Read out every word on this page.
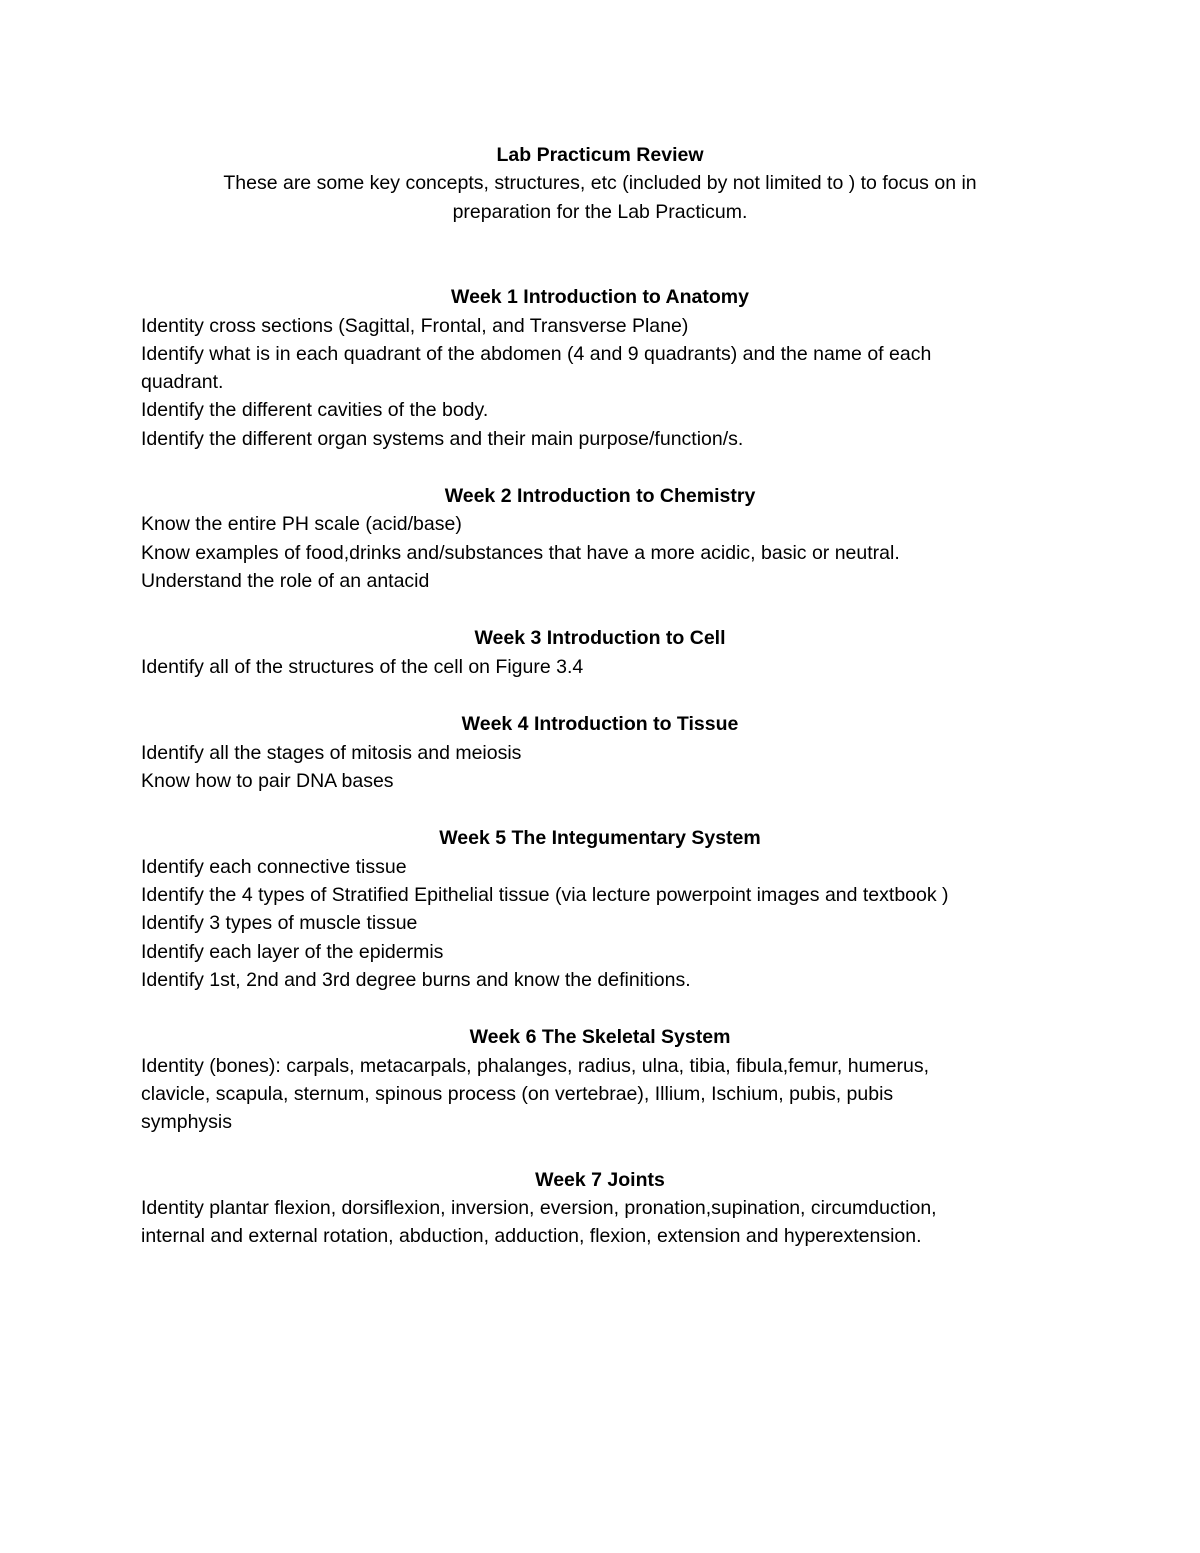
Lab Practicum Review

These are some key concepts, structures, etc (included by not limited to ) to focus on in

preparation for the Lab Practicum.

Week 1 Introduction to Anatomy

Identity cross sections (Sagittal, Frontal, and Transverse Plane)

Identify what is in each quadrant of the abdomen (4 and 9 quadrants) and the name of each

quadrant.

Identify the different cavities of the body.

Identify the different organ systems and their main purpose/function/s.

Week 2 Introduction to Chemistry

Know the entire PH scale (acid/base)

Know examples of food,drinks and/substances that have a more acidic, basic or neutral.

Understand the role of an antacid

Week 3 Introduction to Cell

Identify all of the structures of the cell on Figure 3.4

Week 4 Introduction to Tissue

Identify all the stages of mitosis and meiosis

Know how to pair DNA bases

Week 5 The Integumentary System

Identify each connective tissue

Identify the 4 types of Stratified Epithelial tissue (via lecture powerpoint images and textbook )

Identify 3 types of muscle tissue

Identify each layer of the epidermis

Identify 1st, 2nd and 3rd degree burns and know the definitions.

Week 6 The Skeletal System

Identity (bones): carpals, metacarpals, phalanges, radius, ulna, tibia, fibula,femur, humerus,

clavicle, scapula, sternum, spinous process (on vertebrae), Illium, Ischium, pubis, pubis

symphysis

Week 7 Joints

Identity plantar flexion, dorsiflexion, inversion, eversion, pronation,supination, circumduction,

internal and external rotation, abduction, adduction, flexion, extension and hyperextension.
